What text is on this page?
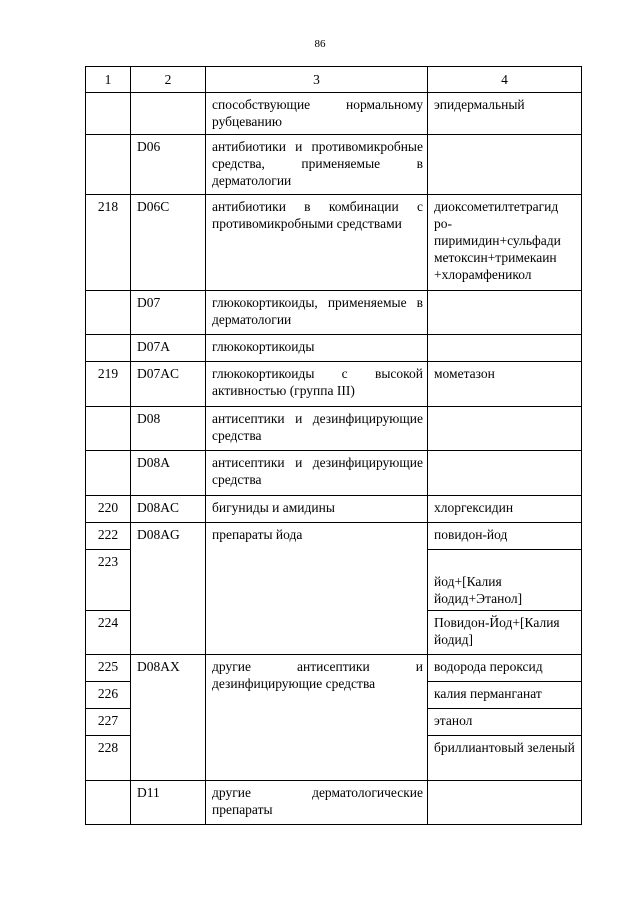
86
1	2	3	4
		способствующие нормальному рубцеванию	эпидермальный
	D06	антибиотики и противомикробные средства, применяемые в дерматологии	
218	D06C	антибиотики в комбинации с противомикробными средствами	диоксометилтетрагид ро- пиримидин+сульфади метоксин+тримекаин +хлорамфеникол
	D07	глюкокортикоиды, применяемые в дерматологии	
	D07A	глюкокортикоиды	
219	D07AC	глюкокортикоиды с высокой активностью (группа III)	мометазон
	D08	антисептики и дезинфицирующие средства	
	D08A	антисептики и дезинфицирующие средства	
220	D08AC	бигуниды и амидины	хлоргексидин
222	D08AG	препараты йода	повидон-йод
223			йод+[Калия йодид+Этанол]
224			Повидон-Йод+[Калия йодид]
225	D08AX	другие антисептики и дезинфицирующие средства	водорода пероксид
226			калия перманганат
227			этанол
228			бриллиантовый зеленый
	D11	другие дерматологические препараты	
